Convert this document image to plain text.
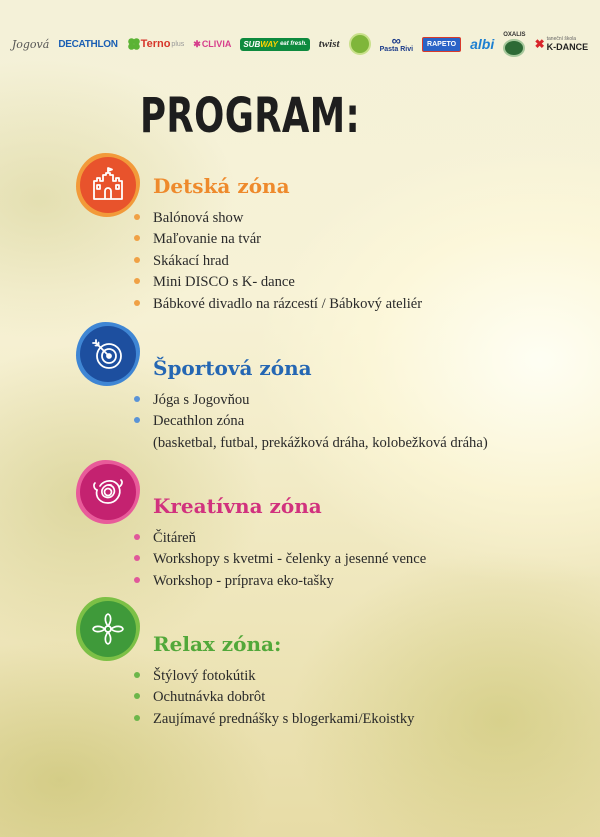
Jogová DECATHLON Terno plus ✱ CLIVIA SUB WAY
eat fresh. twist	∞
Pasta Rivi
RAPETO	albi
OXALIS
✖ taneční škola
K-DANCE
PROGRAM:
Detská zóna
Balónová show
Maľovanie na tvár
Skákací hrad
Mini DISCO s K- dance
Bábkové divadlo na rázcestí / Bábkový ateliér
Športová zóna
Jóga s Jogovňou
Decathlon zóna
(basketbal, futbal, prekážková dráha, kolobežková dráha)
Kreatívna zóna
Čitáreň
Workshopy s kvetmi - čelenky a jesenné vence
Workshop - príprava eko-tašky
Relax zóna:
Štýlový fotokútik
Ochutnávka dobrôt
Zaujímavé prednášky s blogerkami/Ekoistky
